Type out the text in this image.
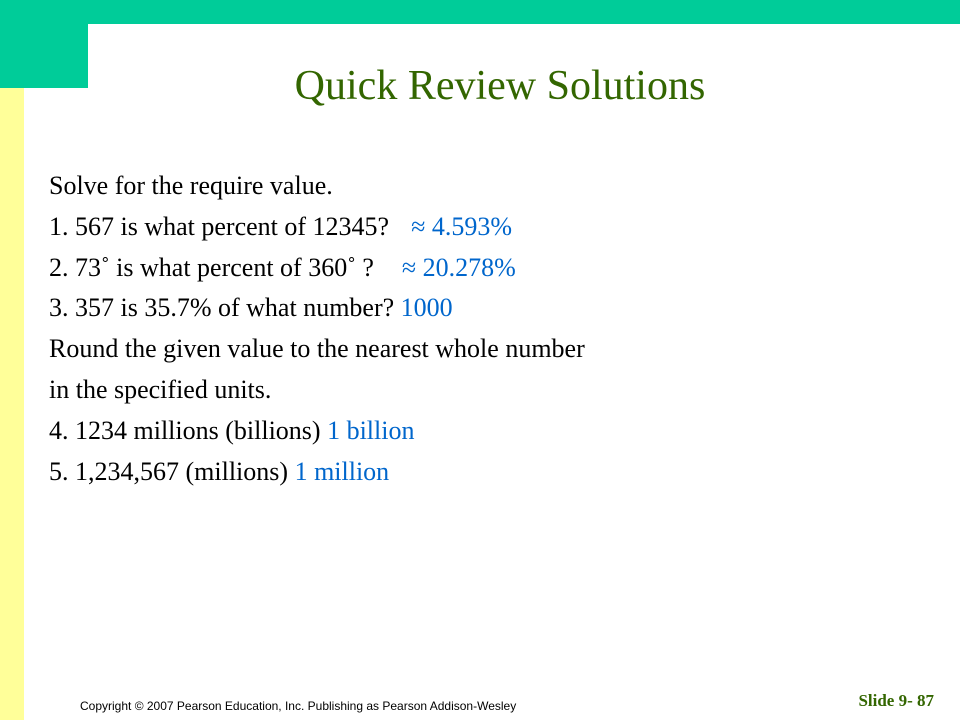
Quick Review Solutions
Solve for the require value.
1. 567 is what percent of 12345? ≈ 4.593%
2. 73˚ is what percent of 360˚ ? ≈ 20.278%
3. 357 is 35.7% of what number? 1000
Round the given value to the nearest whole number
in the specified units.
4. 1234 millions (billions) 1 billion
5. 1,234,567 (millions) 1 million
Copyright © 2007 Pearson Education, Inc. Publishing as Pearson Addison-Wesley	Slide 9- 87
